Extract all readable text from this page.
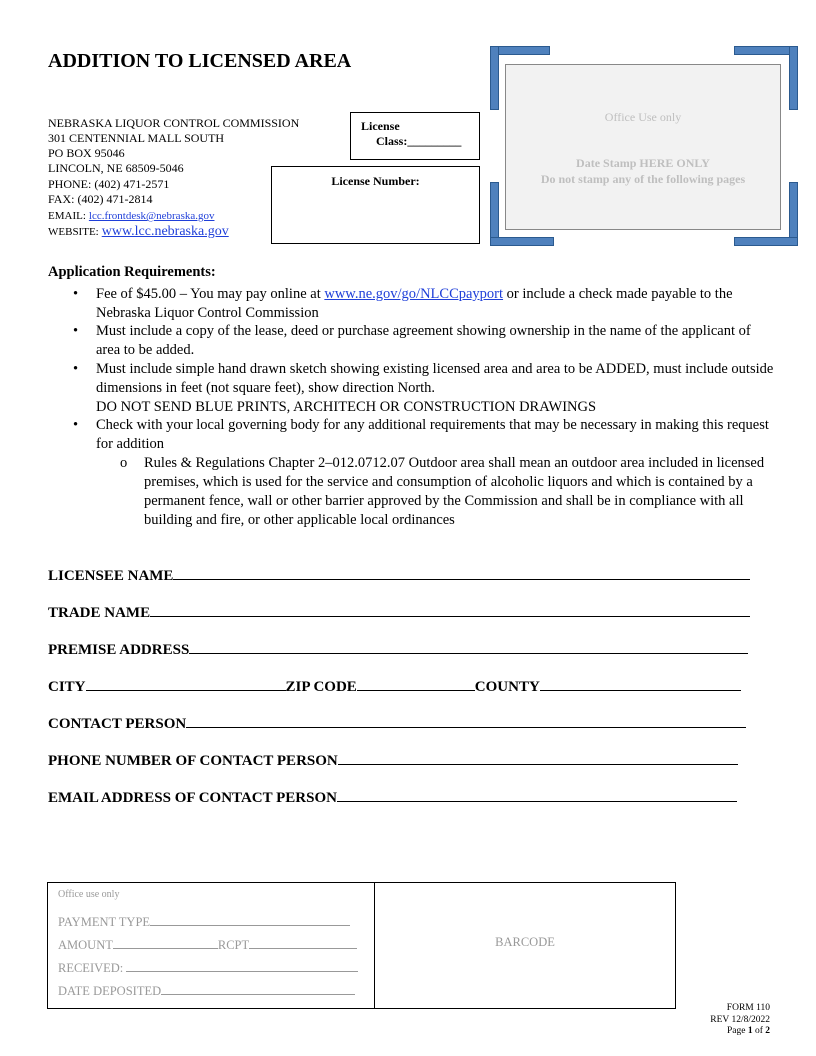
ADDITION TO LICENSED AREA
NEBRASKA LIQUOR CONTROL COMMISSION
301 CENTENNIAL MALL SOUTH
PO BOX 95046
LINCOLN, NE 68509-5046
PHONE: (402) 471-2571
FAX: (402) 471-2814
EMAIL: lcc.frontdesk@nebraska.gov
WEBSITE: www.lcc.nebraska.gov
License
Class:_________
License Number:
Office Use only
Date Stamp HERE ONLY
Do not stamp any of the following pages
Application Requirements:
• Fee of $45.00 – You may pay online at www.ne.gov/go/NLCCpayport or include a check made payable to the Nebraska Liquor Control Commission
• Must include a copy of the lease, deed or purchase agreement showing ownership in the name of the applicant of area to be added.
• Must include simple hand drawn sketch showing existing licensed area and area to be ADDED, must include outside dimensions in feet (not square feet), show direction North.
DO NOT SEND BLUE PRINTS, ARCHITECH OR CONSTRUCTION DRAWINGS
• Check with your local governing body for any additional requirements that may be necessary in making this request for addition
o Rules & Regulations Chapter 2–012.0712.07 Outdoor area shall mean an outdoor area included in licensed premises, which is used for the service and consumption of alcoholic liquors and which is contained by a permanent fence, wall or other barrier approved by the Commission and shall be in compliance with all building and fire, or other applicable local ordinances
LICENSEE NAME
TRADE NAME
PREMISE ADDRESS
CITY	ZIP CODE	COUNTY
CONTACT PERSON
PHONE NUMBER OF CONTACT PERSON
EMAIL ADDRESS OF CONTACT PERSON
Office use only
PAYMENT TYPE
AMOUNT	RCPT
RECEIVED:
DATE DEPOSITED
BARCODE
FORM 110
REV 12/8/2022
Page 1 of 2
